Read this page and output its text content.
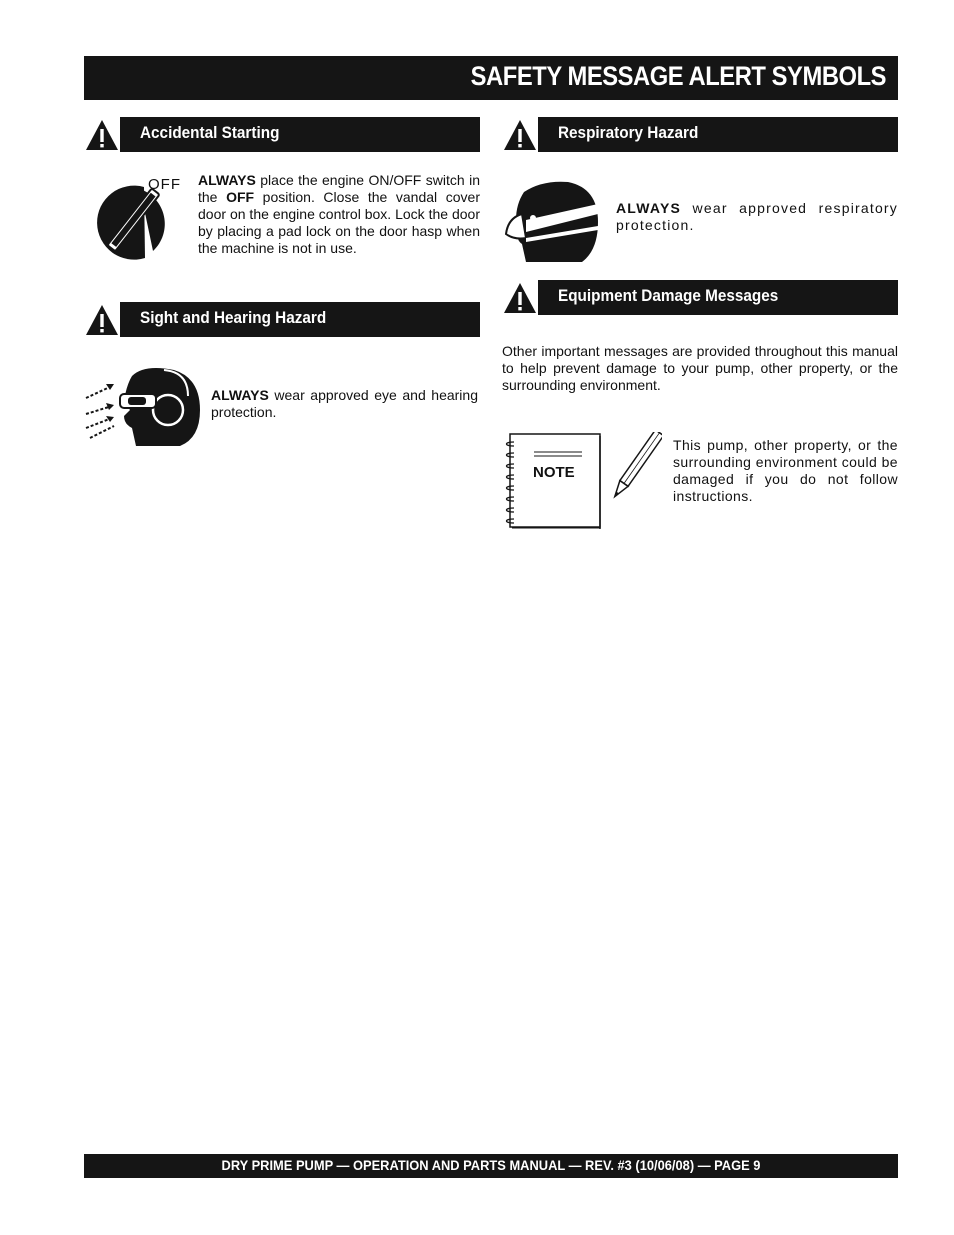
SAFETY MESSAGE ALERT SYMBOLS
Accidental Starting
OFF ALWAYS place the engine ON/OFF switch in the OFF position. Close the vandal cover door on the engine control box. Lock the door by placing a pad lock on the door hasp when the machine is not in use.
Sight and Hearing Hazard
ALWAYS wear approved eye and hearing protection.
Respiratory Hazard
ALWAYS wear approved respiratory protection.
Equipment Damage Messages
Other important messages are provided throughout this manual to help prevent damage to your pump, other property, or the surrounding environment.
NOTE
This pump, other property, or the surrounding environment could be damaged if you do not follow instructions.
DRY PRIME PUMP — OPERATION AND PARTS MANUAL — REV. #3 (10/06/08) — PAGE 9
